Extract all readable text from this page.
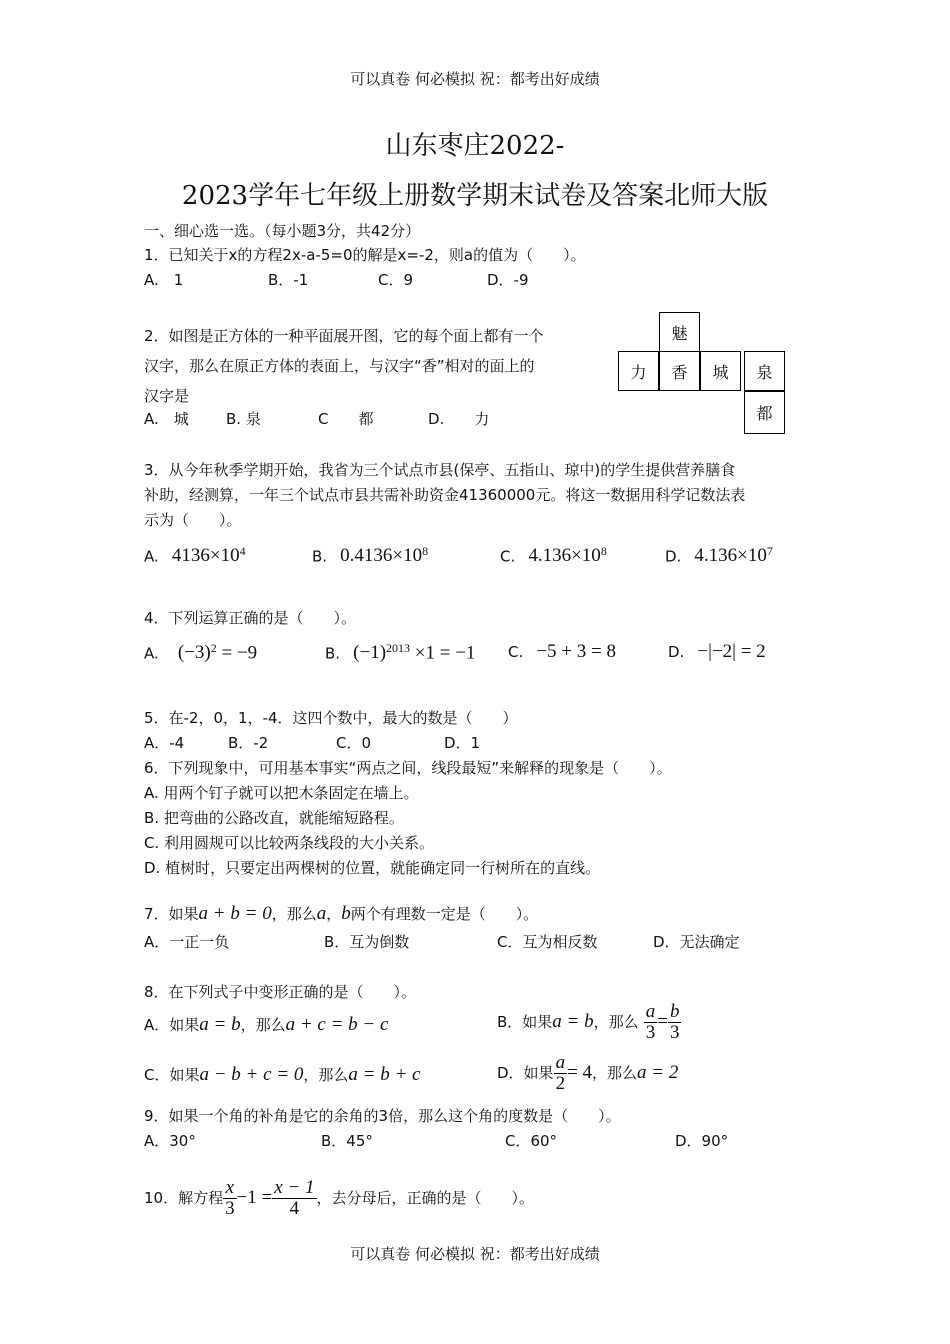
可以真卷 何必模拟 祝：都考出好成绩
山东枣庄2022-
2023学年七年级上册数学期末试卷及答案北师大版
一、细心选一选。（每小题3分，共42分）
1．已知关于x的方程2x-a-5=0的解是x=-2，则a的值为（　　）。
A.　1	B．-1	C．9	D．-9
2．如图是正方体的一种平面展开图，它的每个面上都有一个
汉字，那么在原正方体的表面上，与汉字“香”相对的面上的
汉字是
A.　城 B. 泉	C　　都	D.　　力
魅
力	香	城	泉
都
3．从今年秋季学期开始，我省为三个试点市县(保亭、五指山、琼中)的学生提供营养膳食
补助，经测算，一年三个试点市县共需补助资金41360000元。将这一数据用科学记数法表
示为（　　）。
A. $4136\times 10^4$	B. $0.4136\times 10^8$	C. $4.136\times 10^8$	D. $4.136\times 10^7$
4．下列运算正确的是（　　）。
A. $(-3)^2 = -9$	B. $(-1)^{2013} \times 1 = -1$ C. −5 + 3 = 8	D. −|−2| = 2
5．在-2，0，1，-4．这四个数中，最大的数是（　　）
A．-4	B．-2	C．0	D．1
6．下列现象中，可用基本事实“两点之间，线段最短”来解释的现象是（　　）。
A. 用两个钉子就可以把木条固定在墙上。
B. 把弯曲的公路改直，就能缩短路程。
C. 利用圆规可以比较两条线段的大小关系。
D. 植树时，只要定出两棵树的位置，就能确定同一行树所在的直线。
7．如果a + b = 0，那么a，b两个有理数一定是（　　）。
A．一正一负	B．互为倒数	C．互为相反数	D．无法确定
8．在下列式子中变形正确的是（　　）。
A．如果a = b，那么a + c = b − c	B．如果a = b，那么 $\frac{a}{3} = \frac{b}{3}$
C．如果a − b + c = 0，那么a = b + c	D．如果 $\frac{a}{2} = 4$，那么a = 2
9．如果一个角的补角是它的余角的3倍，那么这个角的度数是（　　）。
A．30°	B．45°	C．60°	D．90°
10．解方程 $\frac{x}{3} -1 = \frac{x - 1}{4}$ ，去分母后，正确的是（　　）。
可以真卷 何必模拟 祝：都考出好成绩
